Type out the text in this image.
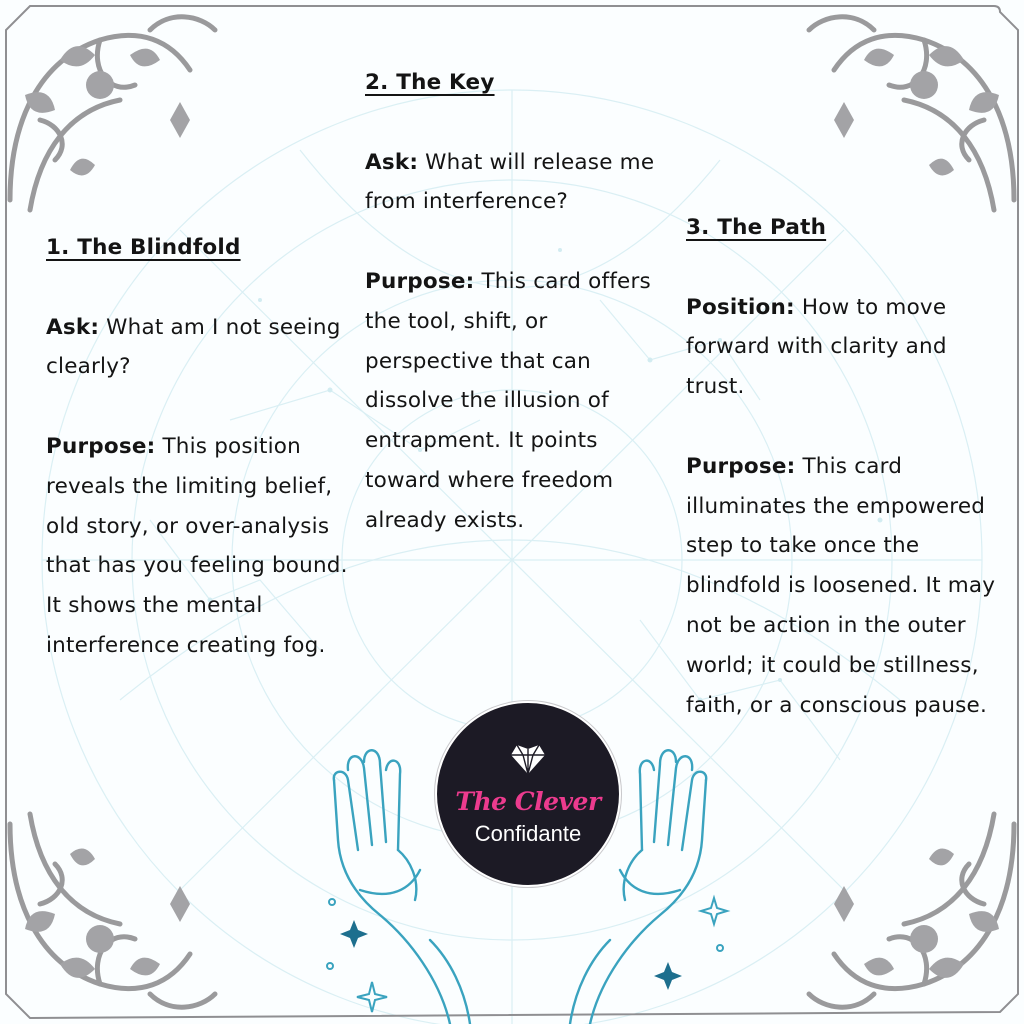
1. The Blindfold

Ask: What am I not seeing clearly?

Purpose: This position reveals the limiting belief, old story, or over-analysis that has you feeling bound. It shows the mental interference creating fog.

2. The Key

Ask: What will release me from interference?

Purpose: This card offers the tool, shift, or perspective that can dissolve the illusion of entrapment. It points toward where freedom already exists.

3. The Path

Position: How to move forward with clarity and trust.

Purpose: This card illuminates the empowered step to take once the blindfold is loosened. It may not be action in the outer world; it could be stillness, faith, or a conscious pause.

The Clever
Confidante
